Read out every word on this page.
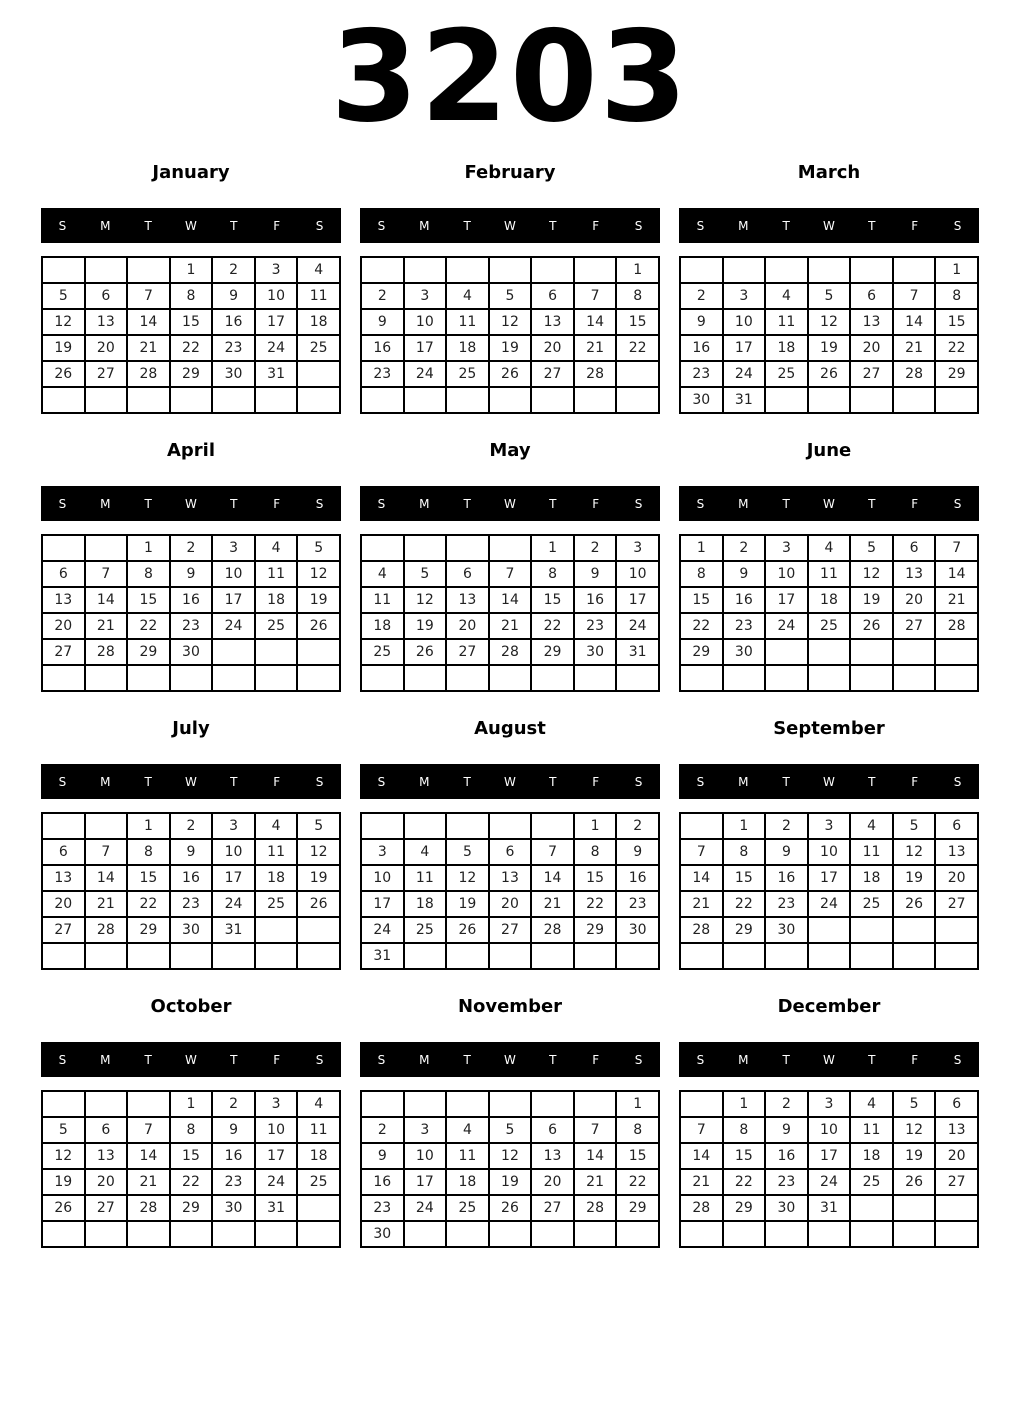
3203
January
S	M	T	W	T	F	S
			1	2	3	4
5	6	7	8	9	10	11
12	13	14	15	16	17	18
19	20	21	22	23	24	25
26	27	28	29	30	31	

February
S	M	T	W	T	F	S
						1
2	3	4	5	6	7	8
9	10	11	12	13	14	15
16	17	18	19	20	21	22
23	24	25	26	27	28	

March
S	M	T	W	T	F	S
						1
2	3	4	5	6	7	8
9	10	11	12	13	14	15
16	17	18	19	20	21	22
23	24	25	26	27	28	29
30	31					
April
S	M	T	W	T	F	S
		1	2	3	4	5
6	7	8	9	10	11	12
13	14	15	16	17	18	19
20	21	22	23	24	25	26
27	28	29	30			

May
S	M	T	W	T	F	S
				1	2	3
4	5	6	7	8	9	10
11	12	13	14	15	16	17
18	19	20	21	22	23	24
25	26	27	28	29	30	31

June
S	M	T	W	T	F	S
1	2	3	4	5	6	7
8	9	10	11	12	13	14
15	16	17	18	19	20	21
22	23	24	25	26	27	28
29	30					

July
S	M	T	W	T	F	S
		1	2	3	4	5
6	7	8	9	10	11	12
13	14	15	16	17	18	19
20	21	22	23	24	25	26
27	28	29	30	31		

August
S	M	T	W	T	F	S
					1	2
3	4	5	6	7	8	9
10	11	12	13	14	15	16
17	18	19	20	21	22	23
24	25	26	27	28	29	30
31						
September
S	M	T	W	T	F	S
	1	2	3	4	5	6
7	8	9	10	11	12	13
14	15	16	17	18	19	20
21	22	23	24	25	26	27
28	29	30				

October
S	M	T	W	T	F	S
			1	2	3	4
5	6	7	8	9	10	11
12	13	14	15	16	17	18
19	20	21	22	23	24	25
26	27	28	29	30	31	

November
S	M	T	W	T	F	S
						1
2	3	4	5	6	7	8
9	10	11	12	13	14	15
16	17	18	19	20	21	22
23	24	25	26	27	28	29
30						
December
S	M	T	W	T	F	S
	1	2	3	4	5	6
7	8	9	10	11	12	13
14	15	16	17	18	19	20
21	22	23	24	25	26	27
28	29	30	31			
